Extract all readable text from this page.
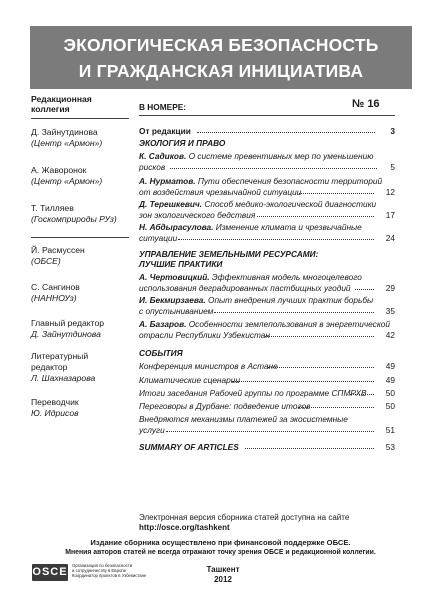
ЭКОЛОГИЧЕСКАЯ БЕЗОПАСНОСТЬ
И ГРАЖДАНСКАЯ ИНИЦИАТИВА
Редакционная
коллегия
Д. Зайнутдинова
(Центр «Армон»)
А. Жаворонок
(Центр «Армон»)
Т. Тилляев
(Госкомприроды РУз)
Й. Расмуссен
(ОБСЕ)
С. Сангинов
(НАННОУз)
Главный редактор
Д. Зайнутдинова
Литературный
редактор
Л. Шахназарова
Переводчик
Ю. Идрисов
В НОМЕРЕ:	№ 16
От редакции	3
ЭКОЛОГИЯ И ПРАВО
К. Садиков. О системе превентивных мер по уменьшению
рисков	5
А. Нурматов. Пути обеспечения безопасности территорий
от воздействия чрезвычайной ситуации	12
Д. Терешкевич. Способ медико-экологической диагностики
зон экологического бедствия	17
Н. Абдырасулова. Изменение климата и чрезвычайные
ситуации	24
УПРАВЛЕНИЕ ЗЕМЕЛЬНЫМИ РЕСУРСАМИ:
ЛУЧШИЕ ПРАКТИКИ
А. Чертовицкий. Эффективная модель многоцелевого
использования деградированных пастбищных угодий	29
И. Бекмирзаева. Опыт внедрения лучших практик борьбы
с опустыниванием	35
А. Базаров. Особенности землепользования в энергетической
отрасли Республики Узбекистан	42
СОБЫТИЯ
Конференция министров в Астане	49
Климатические сценарии	49
Итоги заседания Рабочей группы по программе СПМРХВ	50
Переговоры в Дурбане: подведение итогов	50
Внедряются механизмы платежей за экосистемные
услуги	51
SUMMARY OF ARTICLES	53
Электронная версия сборника статей доступна на сайте
http://osce.org/tashkent
Издание сборника осуществлено при финансовой поддержке ОБСЕ.
Мнения авторов статей не всегда отражают точку зрения ОБСЕ и редакционной коллегии.
OSCE
Организация по безопасности
и сотрудничеству в Европе
Координатор проектов в Узбекистане
Ташкент
2012
